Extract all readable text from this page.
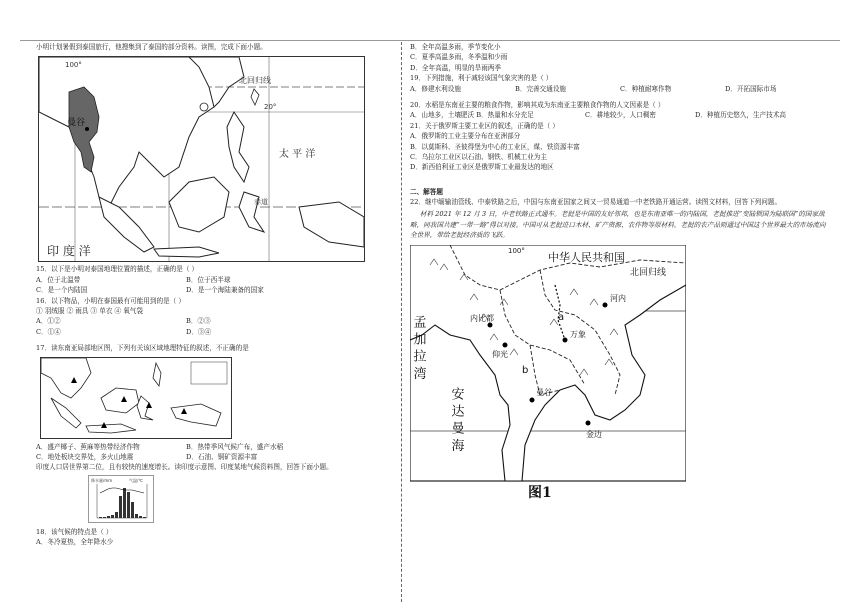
小明计划暑假到泰国旅行，他搜集到了泰国的部分资料。读图，完成下面小题。
曼谷
100°
北回归线
20°
赤道
太 平 洋
印 度 洋
15．以下是小明对泰国地理位置的描述，正确的是（ ）
A．位于北温带	B．位于西半球
C．是一个内陆国	D．是一个海陆兼备的国家
16．以下物品，小明在泰国最有可能用到的是（ ）
① 羽绒服 ② 雨具 ③ 单衣 ④ 氧气袋
A．①②	B．②③
C．①④	D．③④
17．读东南亚局部地区图，下列有关该区域地理特征的叙述，不正确的是
A．盛产椰子、蕉麻等热带经济作物	B．热带季风气候广布，盛产水稻
C．地处板块交界处，多火山地震	D．石油、铜矿资源丰富
印度人口居世界第二位，且有较快的速度增长。读印度示意图、印度某地气候资料图，回答下面小题。
降水量/mm	气温/℃
18．该气候的特点是（ ）
A．冬冷夏热，全年降水少
B．全年高温多雨，季节变化小
C．夏季高温多雨，冬季温和少雨
D．全年高温，明显的旱雨两季
19．下列措施，利于减轻该国气象灾害的是（ ）
A．修建水利设施	B．完善交通设施	C．种植耐寒作物	D．开拓国际市场
20．水稻是东南亚主要的粮食作物，影响其成为东南亚主要粮食作物的人文因素是（ ）
A．山地多，土壤肥沃 B．热量和水分充足	C．耕地较少，人口稠密	D．种植历史悠久，生产技术高
21．关于俄罗斯主要工业区的叙述，正确的是（ ）
A．俄罗斯的工业主要分布在亚洲部分
B．以莫斯科、圣彼得堡为中心的工业区，煤、铁资源丰富
C．乌拉尔工业区以石油、钢铁、机械工业为主
D．新西伯利亚工业区是俄罗斯工业最发达的地区
二、解答题
22．继中缅输油管线、中泰铁路之后，中国与东南亚国家之间又一贸易通道一中老铁路开通运营。读图文材料，回答下列问题。
材料 2021 年 12 月 3 日，中老铁路正式通车。老挝是中国的友好邻邦，也是东南亚唯一的内陆国，老挝推进“变陆锁国为陆联国”的国家战略，同我国共建“一带一路”得以对接。中国可从老挝进口木材、矿产资源、农作物等原材料，老挝的农产品则通过中国这个世界最大的市场流向全世界，带给老挝经济质的飞跃。
100° 中华人民共和国
北回归线
河内
内比都
仰光
万象
曼谷
金边
a
b
孟 加 拉 湾
安 达 曼 海
图1
